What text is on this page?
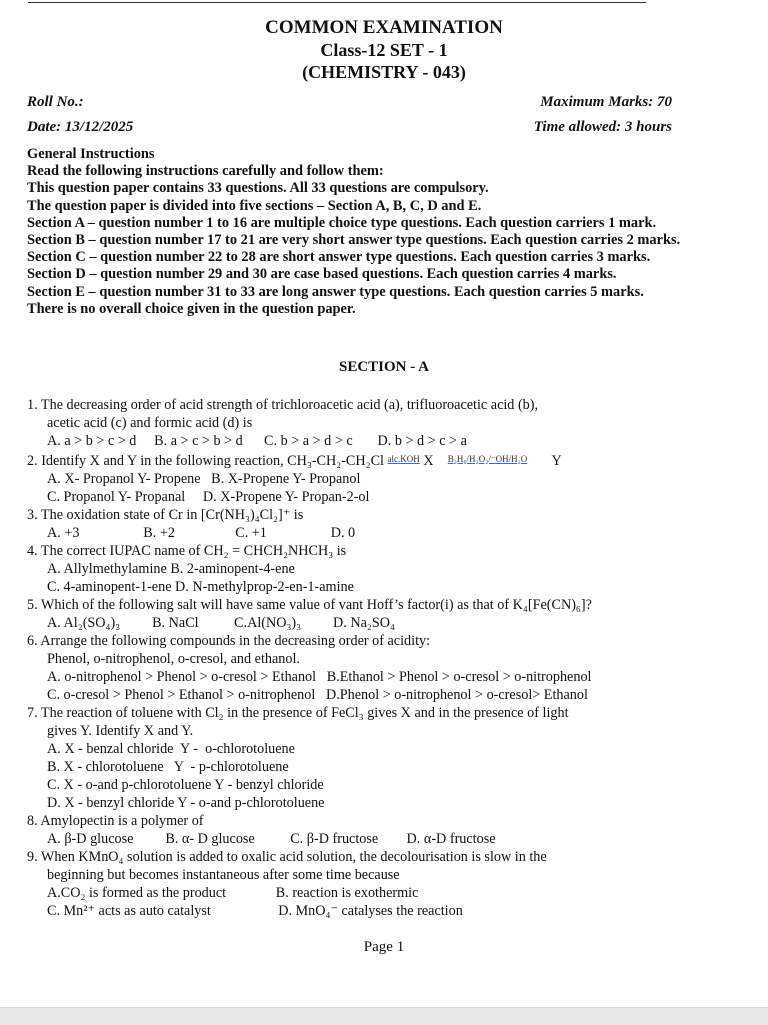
COMMON EXAMINATION
Class-12 SET - 1
(CHEMISTRY - 043)
Roll No.:	Maximum Marks: 70
Date: 13/12/2025	Time allowed: 3 hours
General Instructions
Read the following instructions carefully and follow them:
This question paper contains 33 questions. All 33 questions are compulsory.
The question paper is divided into five sections – Section A, B, C, D and E.
Section A – question number 1 to 16 are multiple choice type questions. Each question carriers 1 mark.
Section B – question number 17 to 21 are very short answer type questions. Each question carries 2 marks.
Section C – question number 22 to 28 are short answer type questions. Each question carries 3 marks.
Section D – question number 29 and 30 are case based questions. Each question carries 4 marks.
Section E – question number 31 to 33 are long answer type questions. Each question carries 5 marks.
There is no overall choice given in the question paper.
SECTION - A
1. The decreasing order of acid strength of trichloroacetic acid (a), trifluoroacetic acid (b),
acetic acid (c) and formic acid (d) is
A. a > b > c > d     B. a > c > b > d      C. b > a > d > c       D. b > d > c > a
2. Identify X and Y in the following reaction, CH₃-CH₂-CH₂Cl $^{alc.KOH}$ X $^{B_2H_6/H_2O_2/^-OH/H_2O}$ Y
A. X- Propanol Y- Propene   B. X-Propene Y- Propanol
C. Propanol Y- Propanal     D. X-Propene Y- Propan-2-ol
3. The oxidation state of Cr in [Cr(NH₃)₄Cl₂]⁺ is
A. +3                  B. +2                 C. +1                  D. 0
4. The correct IUPAC name of CH₂ = CHCH₂NHCH₃ is
A. Allylmethylamine B. 2-aminopent-4-ene
C. 4-aminopent-1-ene D. N-methylprop-2-en-1-amine
5. Which of the following salt will have same value of vant Hoff’s factor(i) as that of K₄[Fe(CN)₆]?
A. Al₂(SO₄)₃         B. NaCl          C.Al(NO₃)₃         D. Na₂SO₄
6. Arrange the following compounds in the decreasing order of acidity:
Phenol, o-nitrophenol, o-cresol, and ethanol.
A. o-nitrophenol > Phenol > o-cresol > Ethanol   B.Ethanol > Phenol > o-cresol > o-nitrophenol
C. o-cresol > Phenol > Ethanol > o-nitrophenol   D.Phenol > o-nitrophenol > o-cresol> Ethanol
7. The reaction of toluene with Cl₂ in the presence of FeCl₃ gives X and in the presence of light
gives Y. Identify X and Y.
A. X - benzal chloride  Y -  o-chlorotoluene
B. X - chlorotoluene   Y  - p-chlorotoluene
C. X - o-and p-chlorotoluene Y - benzyl chloride
D. X - benzyl chloride Y - o-and p-chlorotoluene
8. Amylopectin is a polymer of
A. β-D glucose         B. α- D glucose          C. β-D fructose        D. α-D fructose
9. When KMnO₄ solution is added to oxalic acid solution, the decolourisation is slow in the
beginning but becomes instantaneous after some time because
A.CO₂ is formed as the product              B. reaction is exothermic
C. Mn²⁺ acts as auto catalyst                   D. MnO₄⁻ catalyses the reaction
Page 1
